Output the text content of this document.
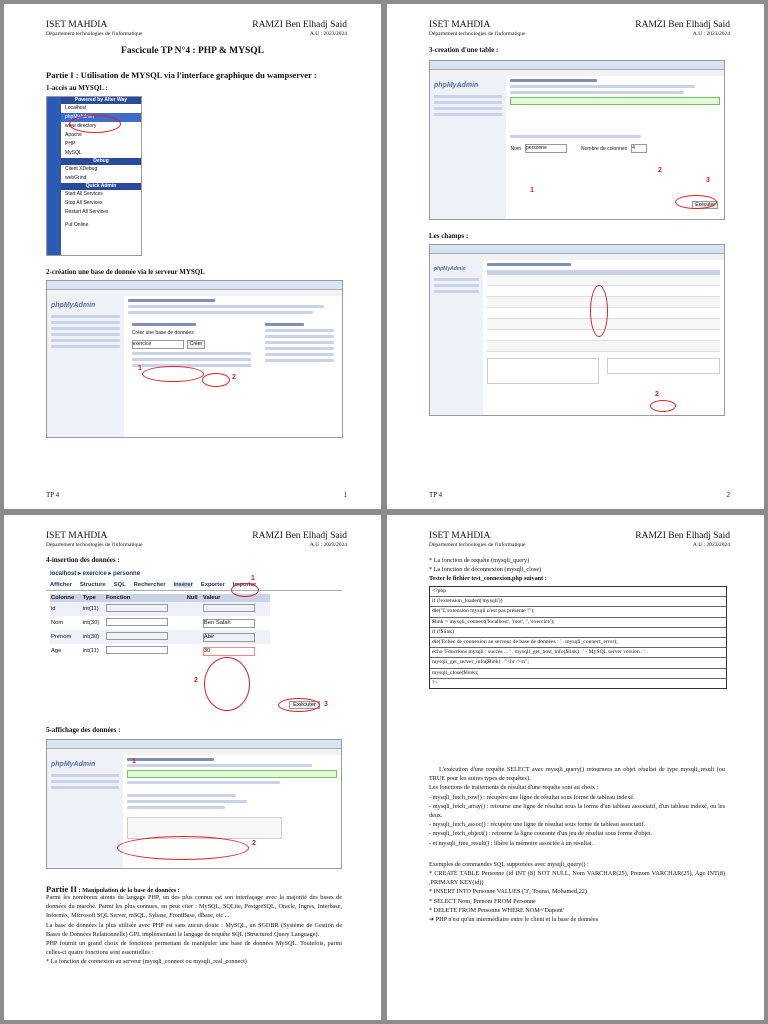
ISET MAHDIA
Département technologies de l'informatique
RAMZI Ben Elhadj Said
A.U : 2023/2024
Fascicule TP N°4 : PHP & MYSQL
Partie I : Utilisation de MYSQL via l'interface graphique du wampserver :
1-accès au MYSQL :
WAMPSERVER 2.1
Powered by Alter Way
Localhost
phpMyAdmin
www directory
Apache
PHP
MySQL
Debug
Client XDebug
webGrind
Quick Admin
Start All Services
Stop All Services
Restart All Services
Put Online
2-création une base de donnée via le serveur MYSQL
phpMyAdmin
Créer une base de données
exercice	Créer
1
2
TP 4	1
ISET MAHDIA
Département technologies de l'informatique
RAMZI Ben Elhadj Said
A.U : 2023/2024
3-creation d'une table :
phpMyAdmin
Nom personne	Nombre de colonnes 4
Exécuter
2
3
1
Les champs :
phpMyAdmin
2
TP 4	2
ISET MAHDIA
Département technologies de l'informatique
RAMZI Ben Elhadj Said
A.U : 2023/2024
4-insertion des données :
localhost ▸ exercice ▸ personne
Afficher Structure SQL Rechercher Insérer Exporter Importer
Colonne	Type	Fonction	Null	Valeur
id	int(11)			
Nom	int(30)			Ben Salah
Prenom	int(30)			Abir
Age	int(11)			30
Exécuter
1
2
3
5-affichage des données :
phpMyAdmin
2
1
Partie II : Manipulation de la base de données :

Parmi les nombreux atouts du langage PHP, un des plus connus est son interfaçage avec la majorité des bases de données du marché. Parmi les plus connues, on peut citer : MySQL, SQLite, PostgreSQL, Oracle, Ingres, Interbase, Informix, Microsoft SQL Server, mSQL, Sybase, FrontBase, dBase, etc ...

La base de données la plus utilisée avec PHP est sans aucun doute : MySQL, un SGDBR (Système de Gestion de Bases de Données Relationnelle) GPL implémentant le langage de requête SQL (Structured Query Language).

PHP fournit un grand choix de fonctions permettant de manipuler une base de données MySQL. Toutefois, parmi celles-ci quatre fonctions sont essentielles :

* La fonction de connexion au serveur (mysqli_connect ou mysqli_real_connect)

ISET MAHDIA
Département technologies de l'informatique
RAMZI Ben Elhadj Said
A.U : 2023/2024

* La fonction de requête (mysqli_query)

* La fonction de déconnexion (mysqli_close)

Tester le fichier test_connexion.php suivant :

<?php
if (!extension_loaded('mysqli'))
die("L'extension mysqli n'est pas présente !");
$link = mysqli_connect('localhost', 'root', '', 'exercice');
if (!$link)
die('Echec de connexion au serveur de base de données : ' . mysqli_connect_error);
echo 'Fonctions mysqli : succès ... ' . mysqli_get_host_info($link) . ' - MySQL server version : ' .
mysqli_get_server_info($link) . "<br />\n";
mysqli_close($link);
?>

L'exécution d'une requête SELECT avec mysqli_query() retournera un objet résultat de type mysqli_result (ou TRUE pour les autres types de requêtes).

Les fonctions de traitements de résultat d'une requête sont au choix :

- mysqli_fetch_row() : récupère une ligne de résultat sous forme de tableau indexé.

- mysqli_fetch_array() : retourne une ligne de résultat sous la forme d'un tableau associatif, d'un tableau indexé, ou les deux.

- mysqli_fetch_assoc() : récupère une ligne de résultat sous forme de tableau associatif.

- mysqli_fetch_object() : retourne la ligne courante d'un jeu de résultat sous forme d'objet.

- et mysqli_free_result() : libère la mémoire associée à un résultat.

Exemples de commandes SQL supportées avec mysqli_query() :

* CREATE TABLE Personne (id INT (8) NOT NULL, Nom VARCHAR(25), Prenom VARCHAR(25), Age INT(8) ,PRIMARY KEY(id))

* INSERT INTO Personne VALUES ('3', Tounsi, Mohamed,22)

* SELECT Nom, Prenom FROM Personne

* DELETE FROM Personne WHERE NOM='Dupont'

➔ PHP n'est qu'un intermédiaire entre le client et la base de données
